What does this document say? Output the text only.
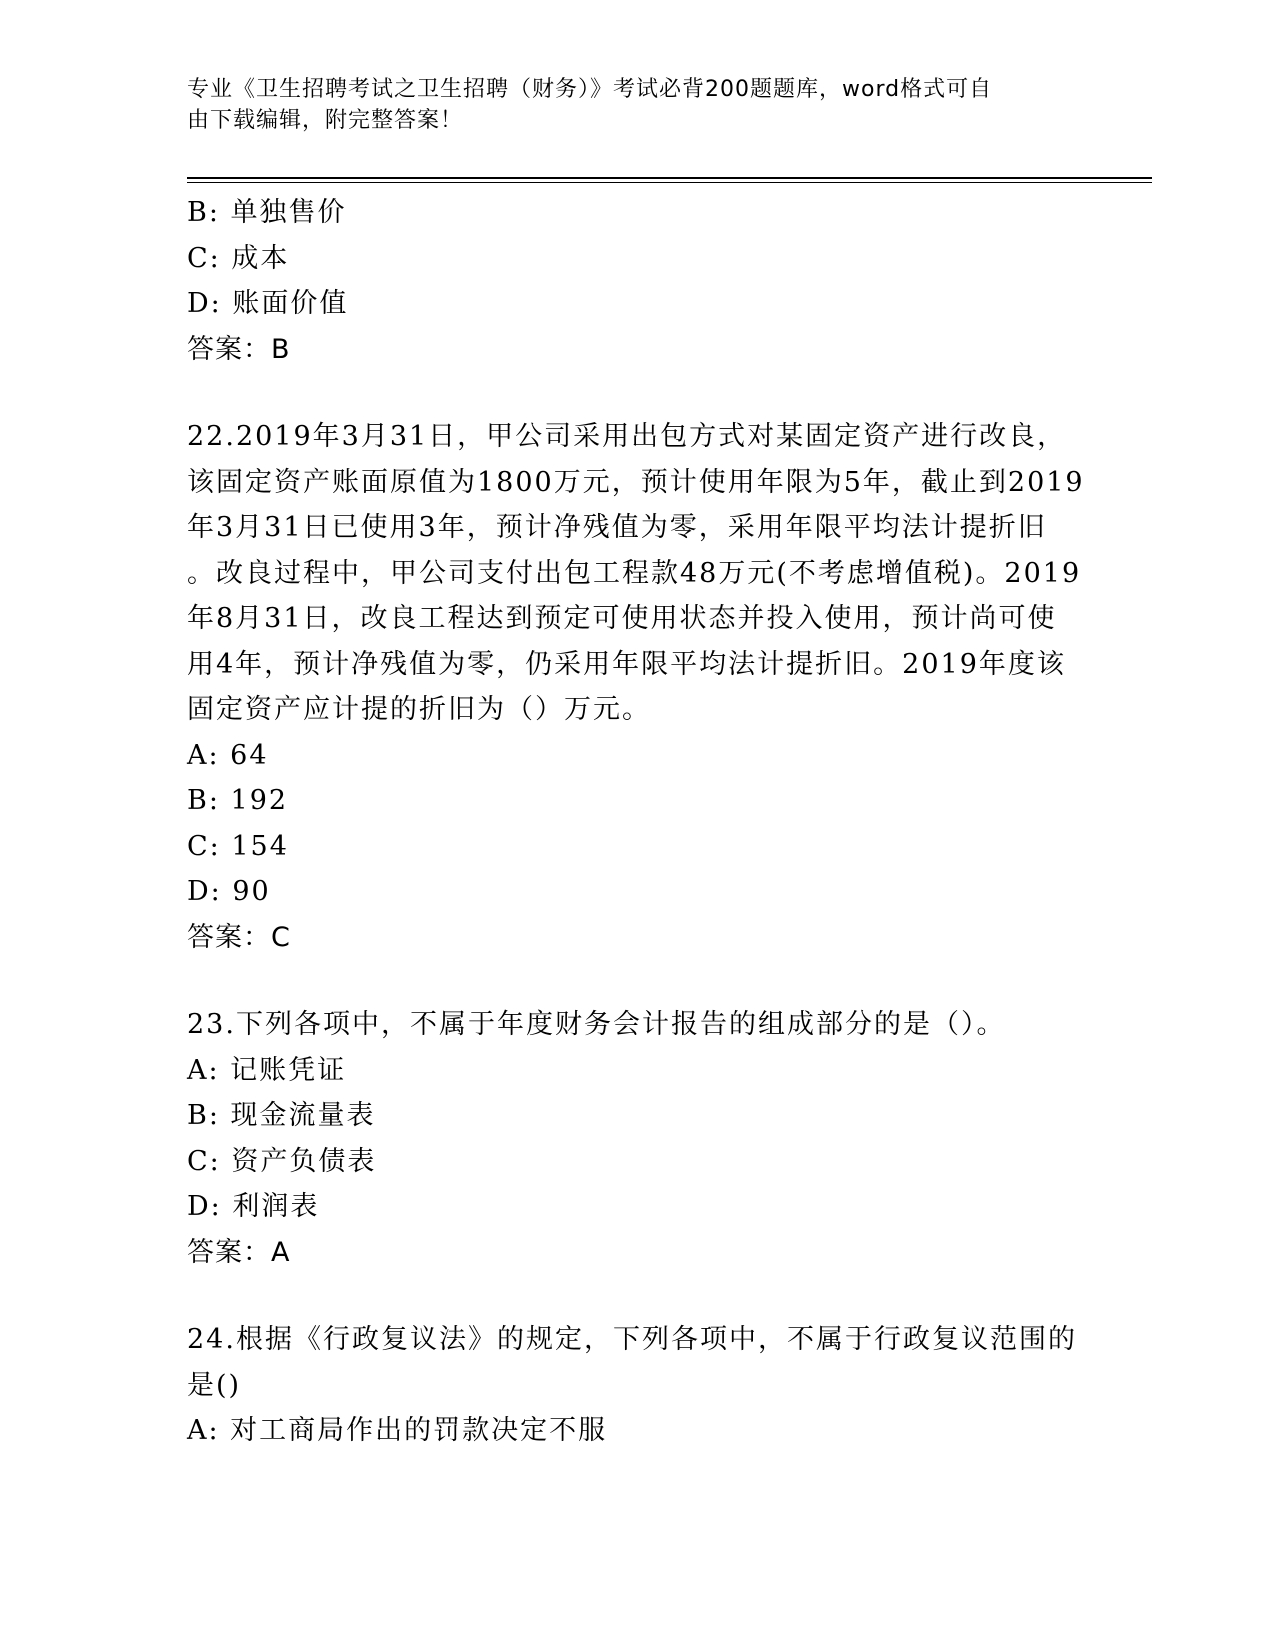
专业《卫生招聘考试之卫生招聘（财务）》考试必背200题题库，word格式可自
由下载编辑，附完整答案！
B: 单独售价
C: 成本
D: 账面价值
答案：B
22.2019年3月31日，甲公司采用出包方式对某固定资产进行改良，
该固定资产账面原值为1800万元，预计使用年限为5年，截止到2019
年3月31日已使用3年，预计净残值为零，采用年限平均法计提折旧
。改良过程中，甲公司支付出包工程款48万元(不考虑增值税)。2019
年8月31日，改良工程达到预定可使用状态并投入使用，预计尚可使
用4年，预计净残值为零，仍采用年限平均法计提折旧。2019年度该
固定资产应计提的折旧为（）万元。
A: 64
B: 192
C: 154
D: 90
答案：C
23.下列各项中，不属于年度财务会计报告的组成部分的是（）。
A: 记账凭证
B: 现金流量表
C: 资产负债表
D: 利润表
答案：A
24.根据《行政复议法》的规定，下列各项中，不属于行政复议范围的
是()
A: 对工商局作出的罚款决定不服
